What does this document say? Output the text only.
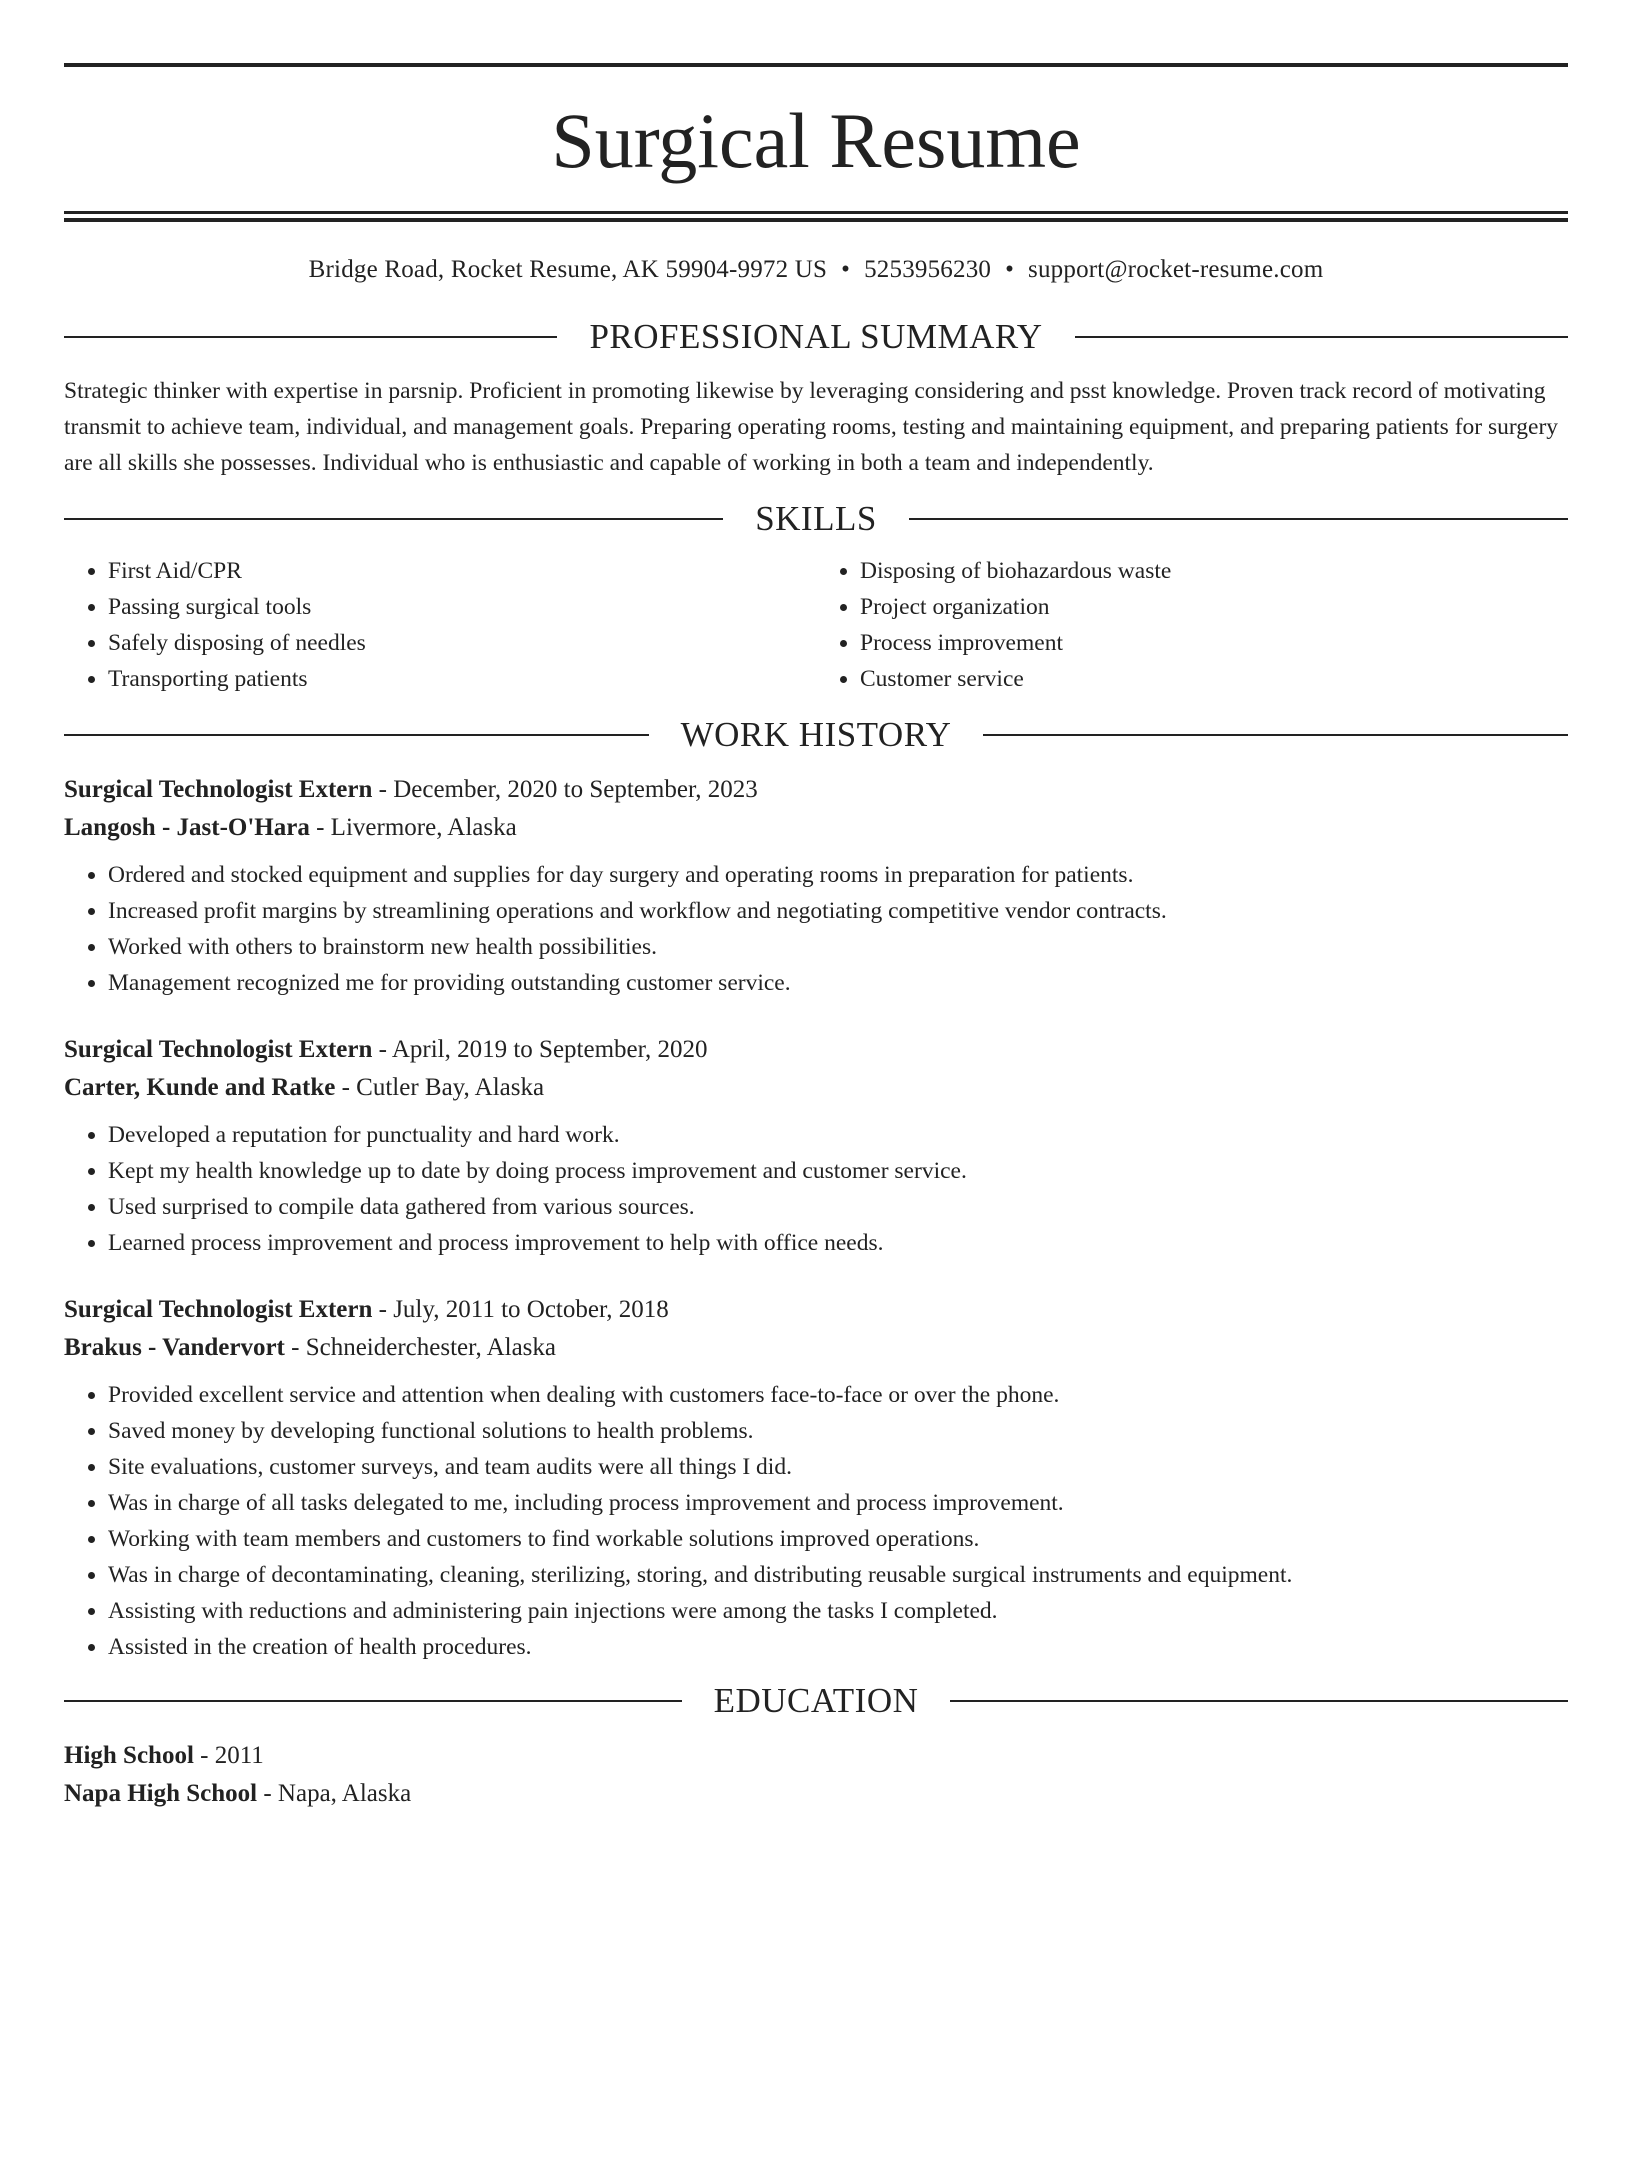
Surgical Resume
Bridge Road, Rocket Resume, AK 59904-9972 US • 5253956230 • support@rocket-resume.com
PROFESSIONAL SUMMARY
Strategic thinker with expertise in parsnip. Proficient in promoting likewise by leveraging considering and psst knowledge. Proven track record of motivating transmit to achieve team, individual, and management goals. Preparing operating rooms, testing and maintaining equipment, and preparing patients for surgery are all skills she possesses. Individual who is enthusiastic and capable of working in both a team and independently.
SKILLS
• First Aid/CPR
• Passing surgical tools
• Safely disposing of needles
• Transporting patients
• Disposing of biohazardous waste
• Project organization
• Process improvement
• Customer service
WORK HISTORY
Surgical Technologist Extern - December, 2020 to September, 2023
Langosh - Jast-O'Hara - Livermore, Alaska
• Ordered and stocked equipment and supplies for day surgery and operating rooms in preparation for patients.
• Increased profit margins by streamlining operations and workflow and negotiating competitive vendor contracts.
• Worked with others to brainstorm new health possibilities.
• Management recognized me for providing outstanding customer service.
Surgical Technologist Extern - April, 2019 to September, 2020
Carter, Kunde and Ratke - Cutler Bay, Alaska
• Developed a reputation for punctuality and hard work.
• Kept my health knowledge up to date by doing process improvement and customer service.
• Used surprised to compile data gathered from various sources.
• Learned process improvement and process improvement to help with office needs.
Surgical Technologist Extern - July, 2011 to October, 2018
Brakus - Vandervort - Schneiderchester, Alaska
• Provided excellent service and attention when dealing with customers face-to-face or over the phone.
• Saved money by developing functional solutions to health problems.
• Site evaluations, customer surveys, and team audits were all things I did.
• Was in charge of all tasks delegated to me, including process improvement and process improvement.
• Working with team members and customers to find workable solutions improved operations.
• Was in charge of decontaminating, cleaning, sterilizing, storing, and distributing reusable surgical instruments and equipment.
• Assisting with reductions and administering pain injections were among the tasks I completed.
• Assisted in the creation of health procedures.
EDUCATION
High School - 2011
Napa High School - Napa, Alaska
